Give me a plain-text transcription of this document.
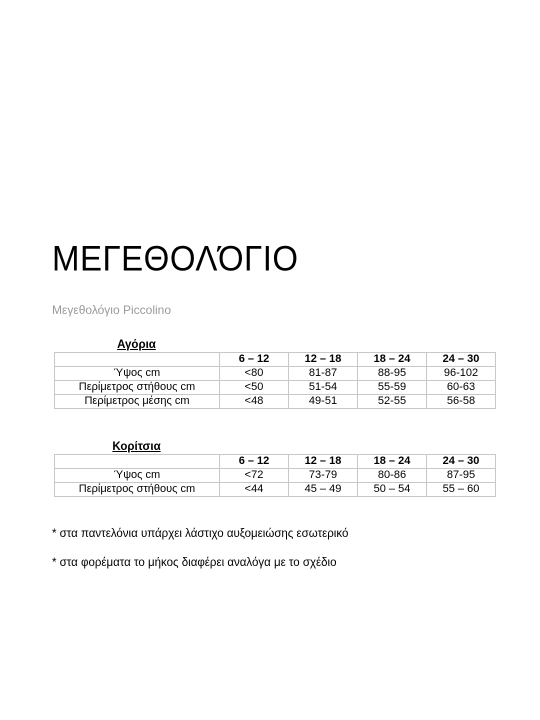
ΜΕΓΕΘΟΛΌΓΙΟ
Μεγεθολόγιο Piccolino
Αγόρια
	6 – 12	12 – 18	18 – 24	24 – 30
Ύψος cm	<80	81-87	88-95	96-102
Περίμετρος στήθους cm	<50	51-54	55-59	60-63
Περίμετρος μέσης cm	<48	49-51	52-55	56-58
Κορίτσια
	6 – 12	12 – 18	18 – 24	24 – 30
Ύψος cm	<72	73-79	80-86	87-95
Περίμετρος στήθους cm	<44	45 – 49	50 – 54	55 – 60
* στα παντελόνια υπάρχει λάστιχο αυξομειώσης εσωτερικό
* στα φορέματα το μήκος διαφέρει αναλόγα με το σχέδιο
